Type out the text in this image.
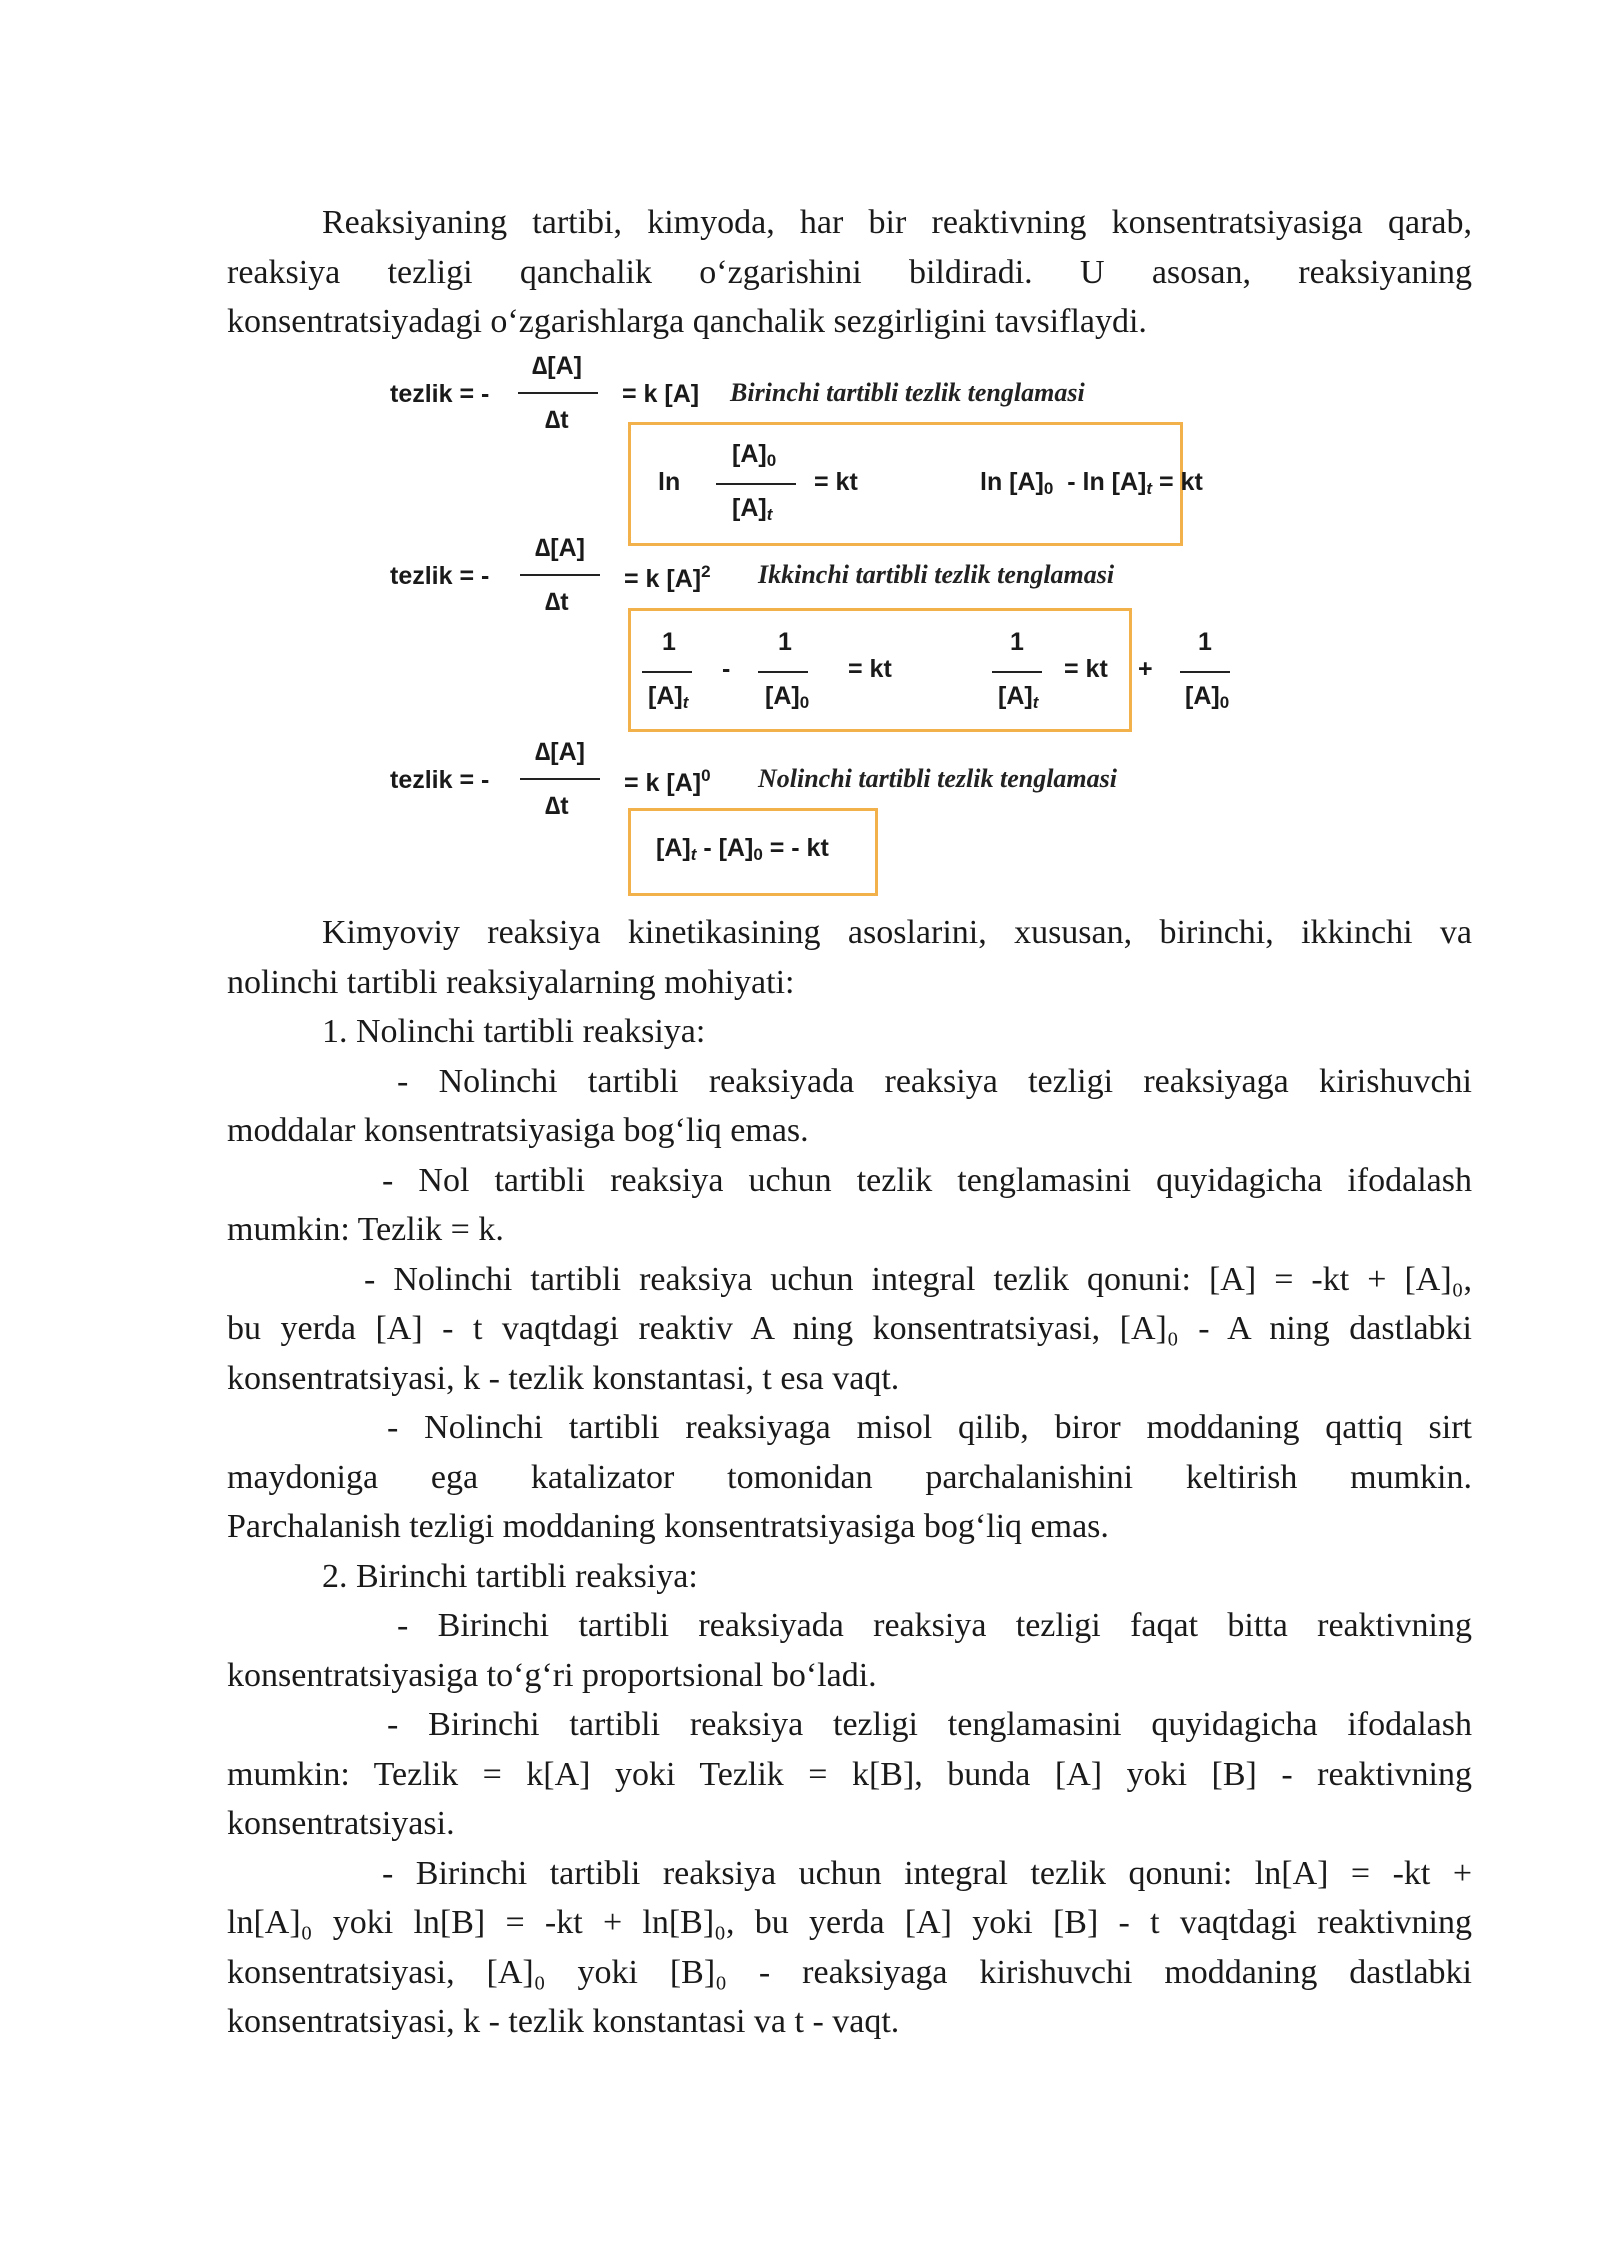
Reaksiyaning tartibi, kimyoda, har bir reaktivning konsentratsiyasiga qarab,
reaksiya tezligi qanchalik o‘zgarishini bildiradi. U asosan, reaksiyaning
konsentratsiyadagi o‘zgarishlarga qanchalik sezgirligini tavsiflaydi.
tezlik = -
∆[A]
∆t
= k [A] Birinchi tartibli tezlik tenglamasi
ln
$[A]_0$
$[A]_t$
= kt	$\ln [A]_0$  - $\ln [A]_t$ = kt
tezlik = -
∆[A]
∆t
= k $[A]^2$ Ikkinchi tartibli tezlik tenglamasi
1
$[A]_t$
-
1
$[A]_0$
= kt
1
$[A]_t$
= kt +
1
$[A]_0$
tezlik = -
∆[A]
∆t
= k $[A]^0$ Nolinchi tartibli tezlik tenglamasi
$[A]_t - [A]_0$ = - kt
Kimyoviy reaksiya kinetikasining asoslarini, xususan, birinchi, ikkinchi va
nolinchi tartibli reaksiyalarning mohiyati:
1. Nolinchi tartibli reaksiya:
- Nolinchi tartibli reaksiyada reaksiya tezligi reaksiyaga kirishuvchi
moddalar konsentratsiyasiga bog‘liq emas.
- Nol tartibli reaksiya uchun tezlik tenglamasini quyidagicha ifodalash
mumkin: Tezlik = k.
- Nolinchi tartibli reaksiya uchun integral tezlik qonuni: [A] = -kt + [A]₀,
bu yerda [A] - t vaqtdagi reaktiv A ning konsentratsiyasi, [A]₀ - A ning dastlabki
konsentratsiyasi, k - tezlik konstantasi, t esa vaqt.
- Nolinchi tartibli reaksiyaga misol qilib, biror moddaning qattiq sirt
maydoniga ega katalizator tomonidan parchalanishini keltirish mumkin.
Parchalanish tezligi moddaning konsentratsiyasiga bog‘liq emas.
2. Birinchi tartibli reaksiya:
- Birinchi tartibli reaksiyada reaksiya tezligi faqat bitta reaktivning
konsentratsiyasiga to‘g‘ri proportsional bo‘ladi.
- Birinchi tartibli reaksiya tezligi tenglamasini quyidagicha ifodalash
mumkin: Tezlik = k[A] yoki Tezlik = k[B], bunda [A] yoki [B] - reaktivning
konsentratsiyasi.
- Birinchi tartibli reaksiya uchun integral tezlik qonuni: ln[A] = -kt +
ln[A]₀ yoki ln[B] = -kt + ln[B]₀, bu yerda [A] yoki [B] - t vaqtdagi reaktivning
konsentratsiyasi, [A]₀ yoki [B]₀ - reaksiyaga kirishuvchi moddaning dastlabki
konsentratsiyasi, k - tezlik konstantasi va t - vaqt.
